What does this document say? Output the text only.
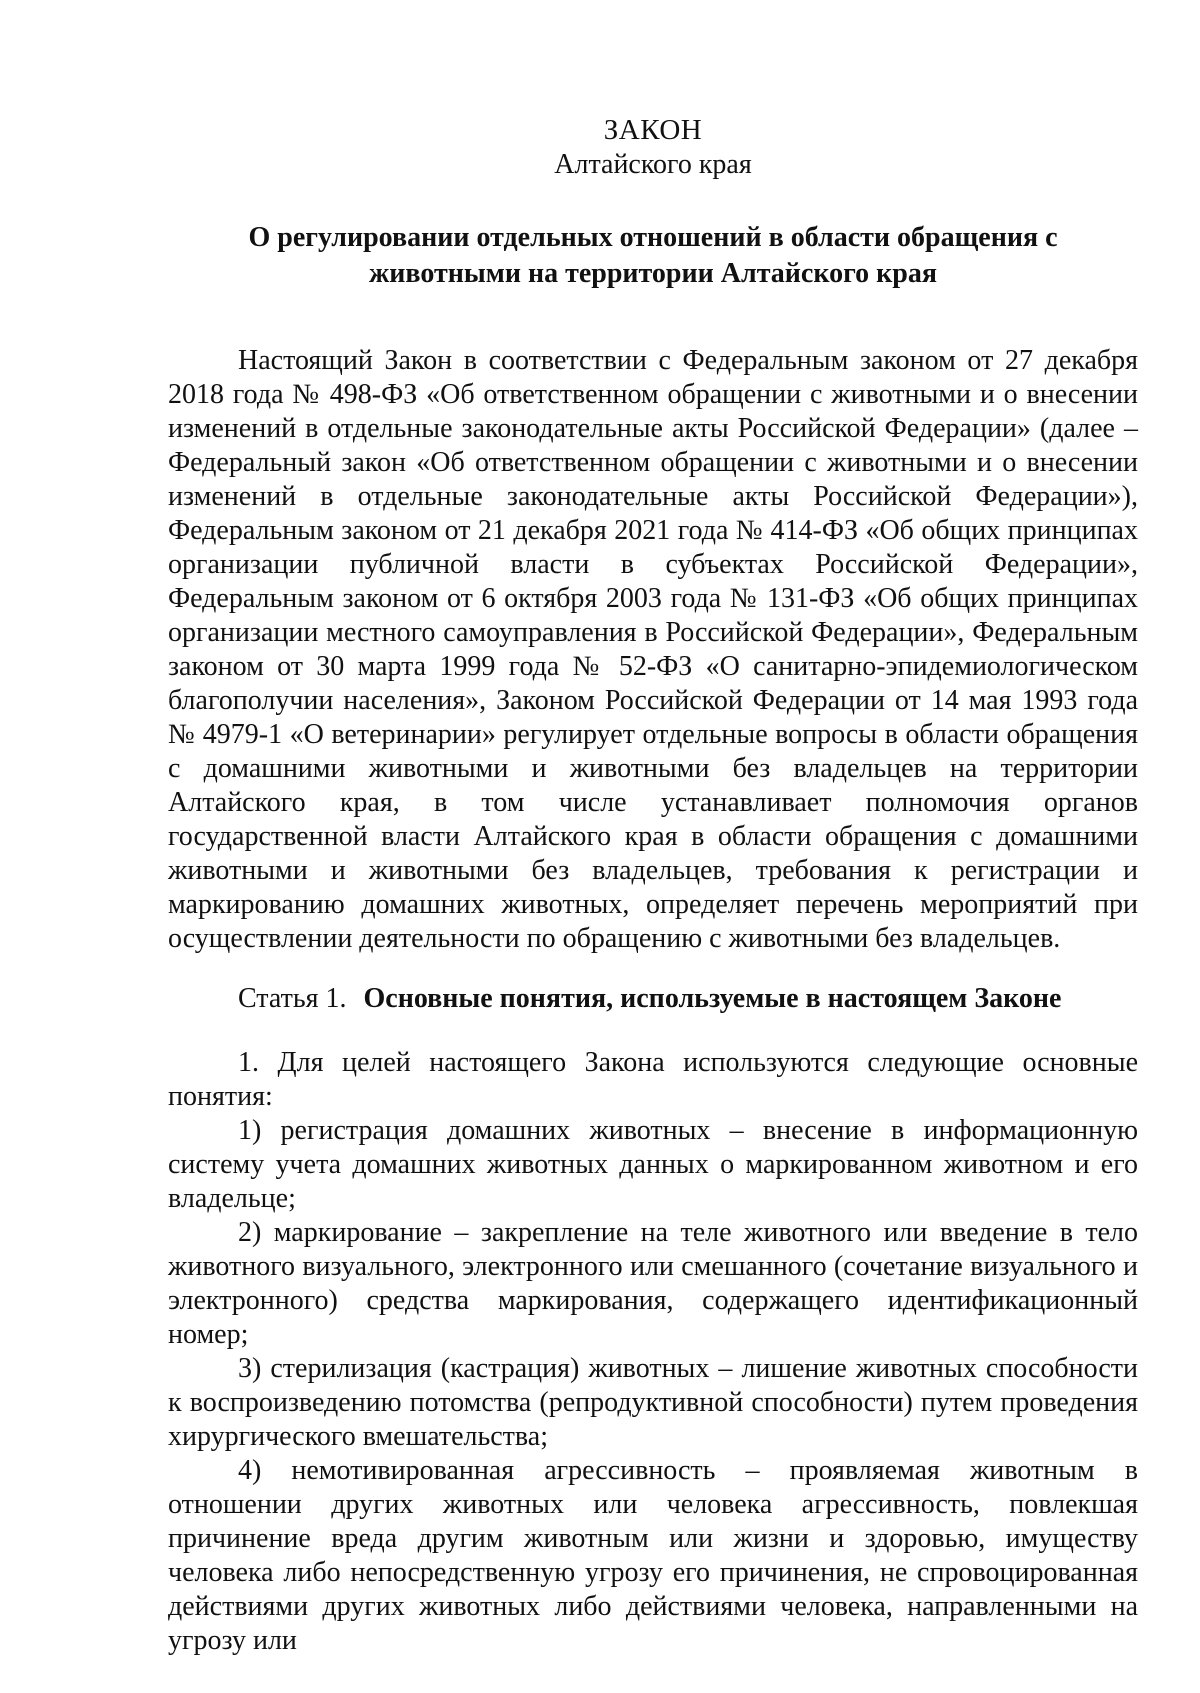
ЗАКОН
Алтайского края
О регулировании отдельных отношений в области обращения с
животными на территории Алтайского края

Настоящий Закон в соответствии с Федеральным законом от 27 декабря 2018 года № 498-ФЗ «Об ответственном обращении с животными и о внесении изменений в отдельные законодательные акты Российской Федерации» (далее – Федеральный закон «Об ответственном обращении с животными и о внесении изменений в отдельные законодательные акты Российской Федерации»), Федеральным законом от 21 декабря 2021 года № 414-ФЗ «Об общих принципах организации публичной власти в субъектах Российской Федерации», Федеральным законом от 6 октября 2003 года № 131-ФЗ «Об общих принципах организации местного самоуправления в Российской Федерации», Федеральным законом от 30 марта 1999 года № 52-ФЗ «О санитарно-эпидемиологическом благополучии населения», Законом Российской Федерации от 14 мая 1993 года № 4979-1 «О ветеринарии» регулирует отдельные вопросы в области обращения с домашними животными и животными без владельцев на территории Алтайского края, в том числе устанавливает полномочия органов государственной власти Алтайского края в области обращения с домашними животными и животными без владельцев, требования к регистрации и маркированию домашних животных, определяет перечень мероприятий при осуществлении деятельности по обращению с животными без владельцев.

Статья 1. Основные понятия, используемые в настоящем Законе

1. Для целей настоящего Закона используются следующие основные понятия:

1) регистрация домашних животных – внесение в информационную систему учета домашних животных данных о маркированном животном и его владельце;

2) маркирование – закрепление на теле животного или введение в тело животного визуального, электронного или смешанного (сочетание визуального и электронного) средства маркирования, содержащего идентификационный номер;

3) стерилизация (кастрация) животных – лишение животных способности к воспроизведению потомства (репродуктивной способности) путем проведения хирургического вмешательства;

4) немотивированная агрессивность – проявляемая животным в отношении других животных или человека агрессивность, повлекшая причинение вреда другим животным или жизни и здоровью, имуществу человека либо непосредственную угрозу его причинения, не спровоцированная действиями других животных либо действиями человека, направленными на угрозу или
